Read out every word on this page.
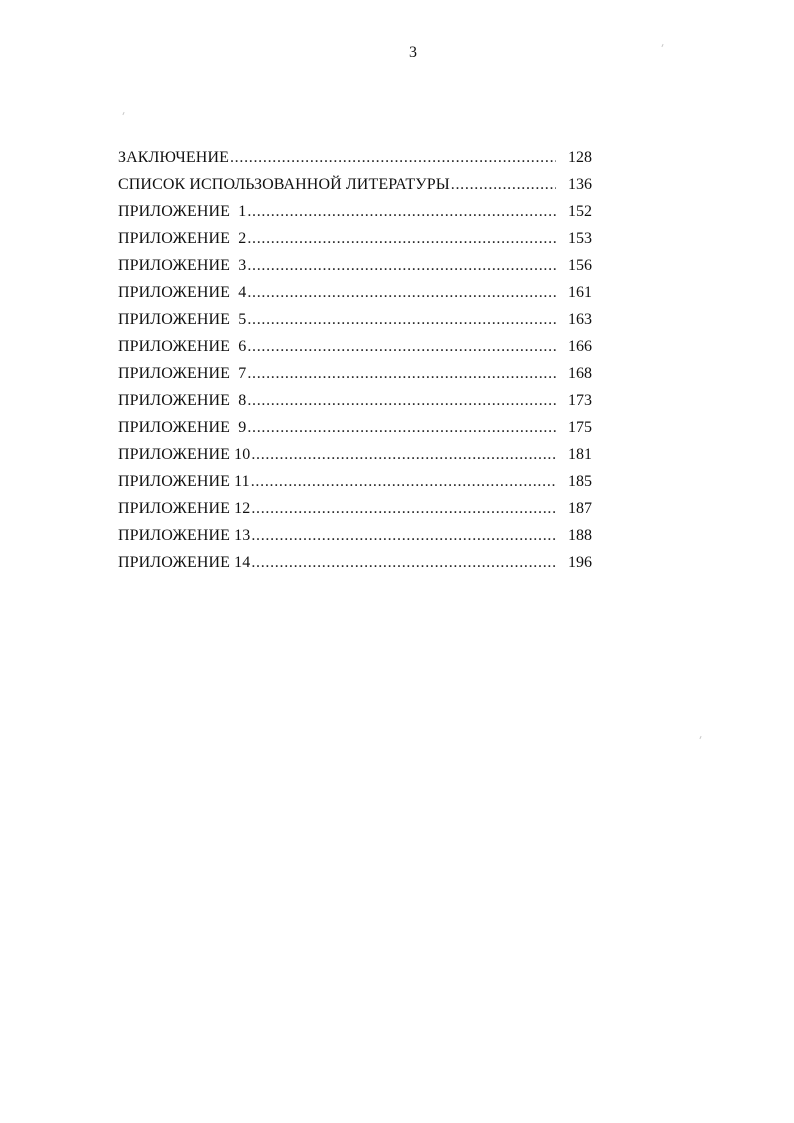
3
ЗАКЛЮЧЕНИЕ .....	128
СПИСОК ИСПОЛЬЗОВАННОЙ ЛИТЕРАТУРЫ .....	136
ПРИЛОЖЕНИЕ  1 .....	152
ПРИЛОЖЕНИЕ  2 .....	153
ПРИЛОЖЕНИЕ  3 .....	156
ПРИЛОЖЕНИЕ  4 .....	161
ПРИЛОЖЕНИЕ  5 .....	163
ПРИЛОЖЕНИЕ  6 .....	166
ПРИЛОЖЕНИЕ  7 .....	168
ПРИЛОЖЕНИЕ  8 .....	173
ПРИЛОЖЕНИЕ  9 .....	175
ПРИЛОЖЕНИЕ 10 .....	181
ПРИЛОЖЕНИЕ 11 .....	185
ПРИЛОЖЕНИЕ 12 .....	187
ПРИЛОЖЕНИЕ 13 .....	188
ПРИЛОЖЕНИЕ 14 .....	196
